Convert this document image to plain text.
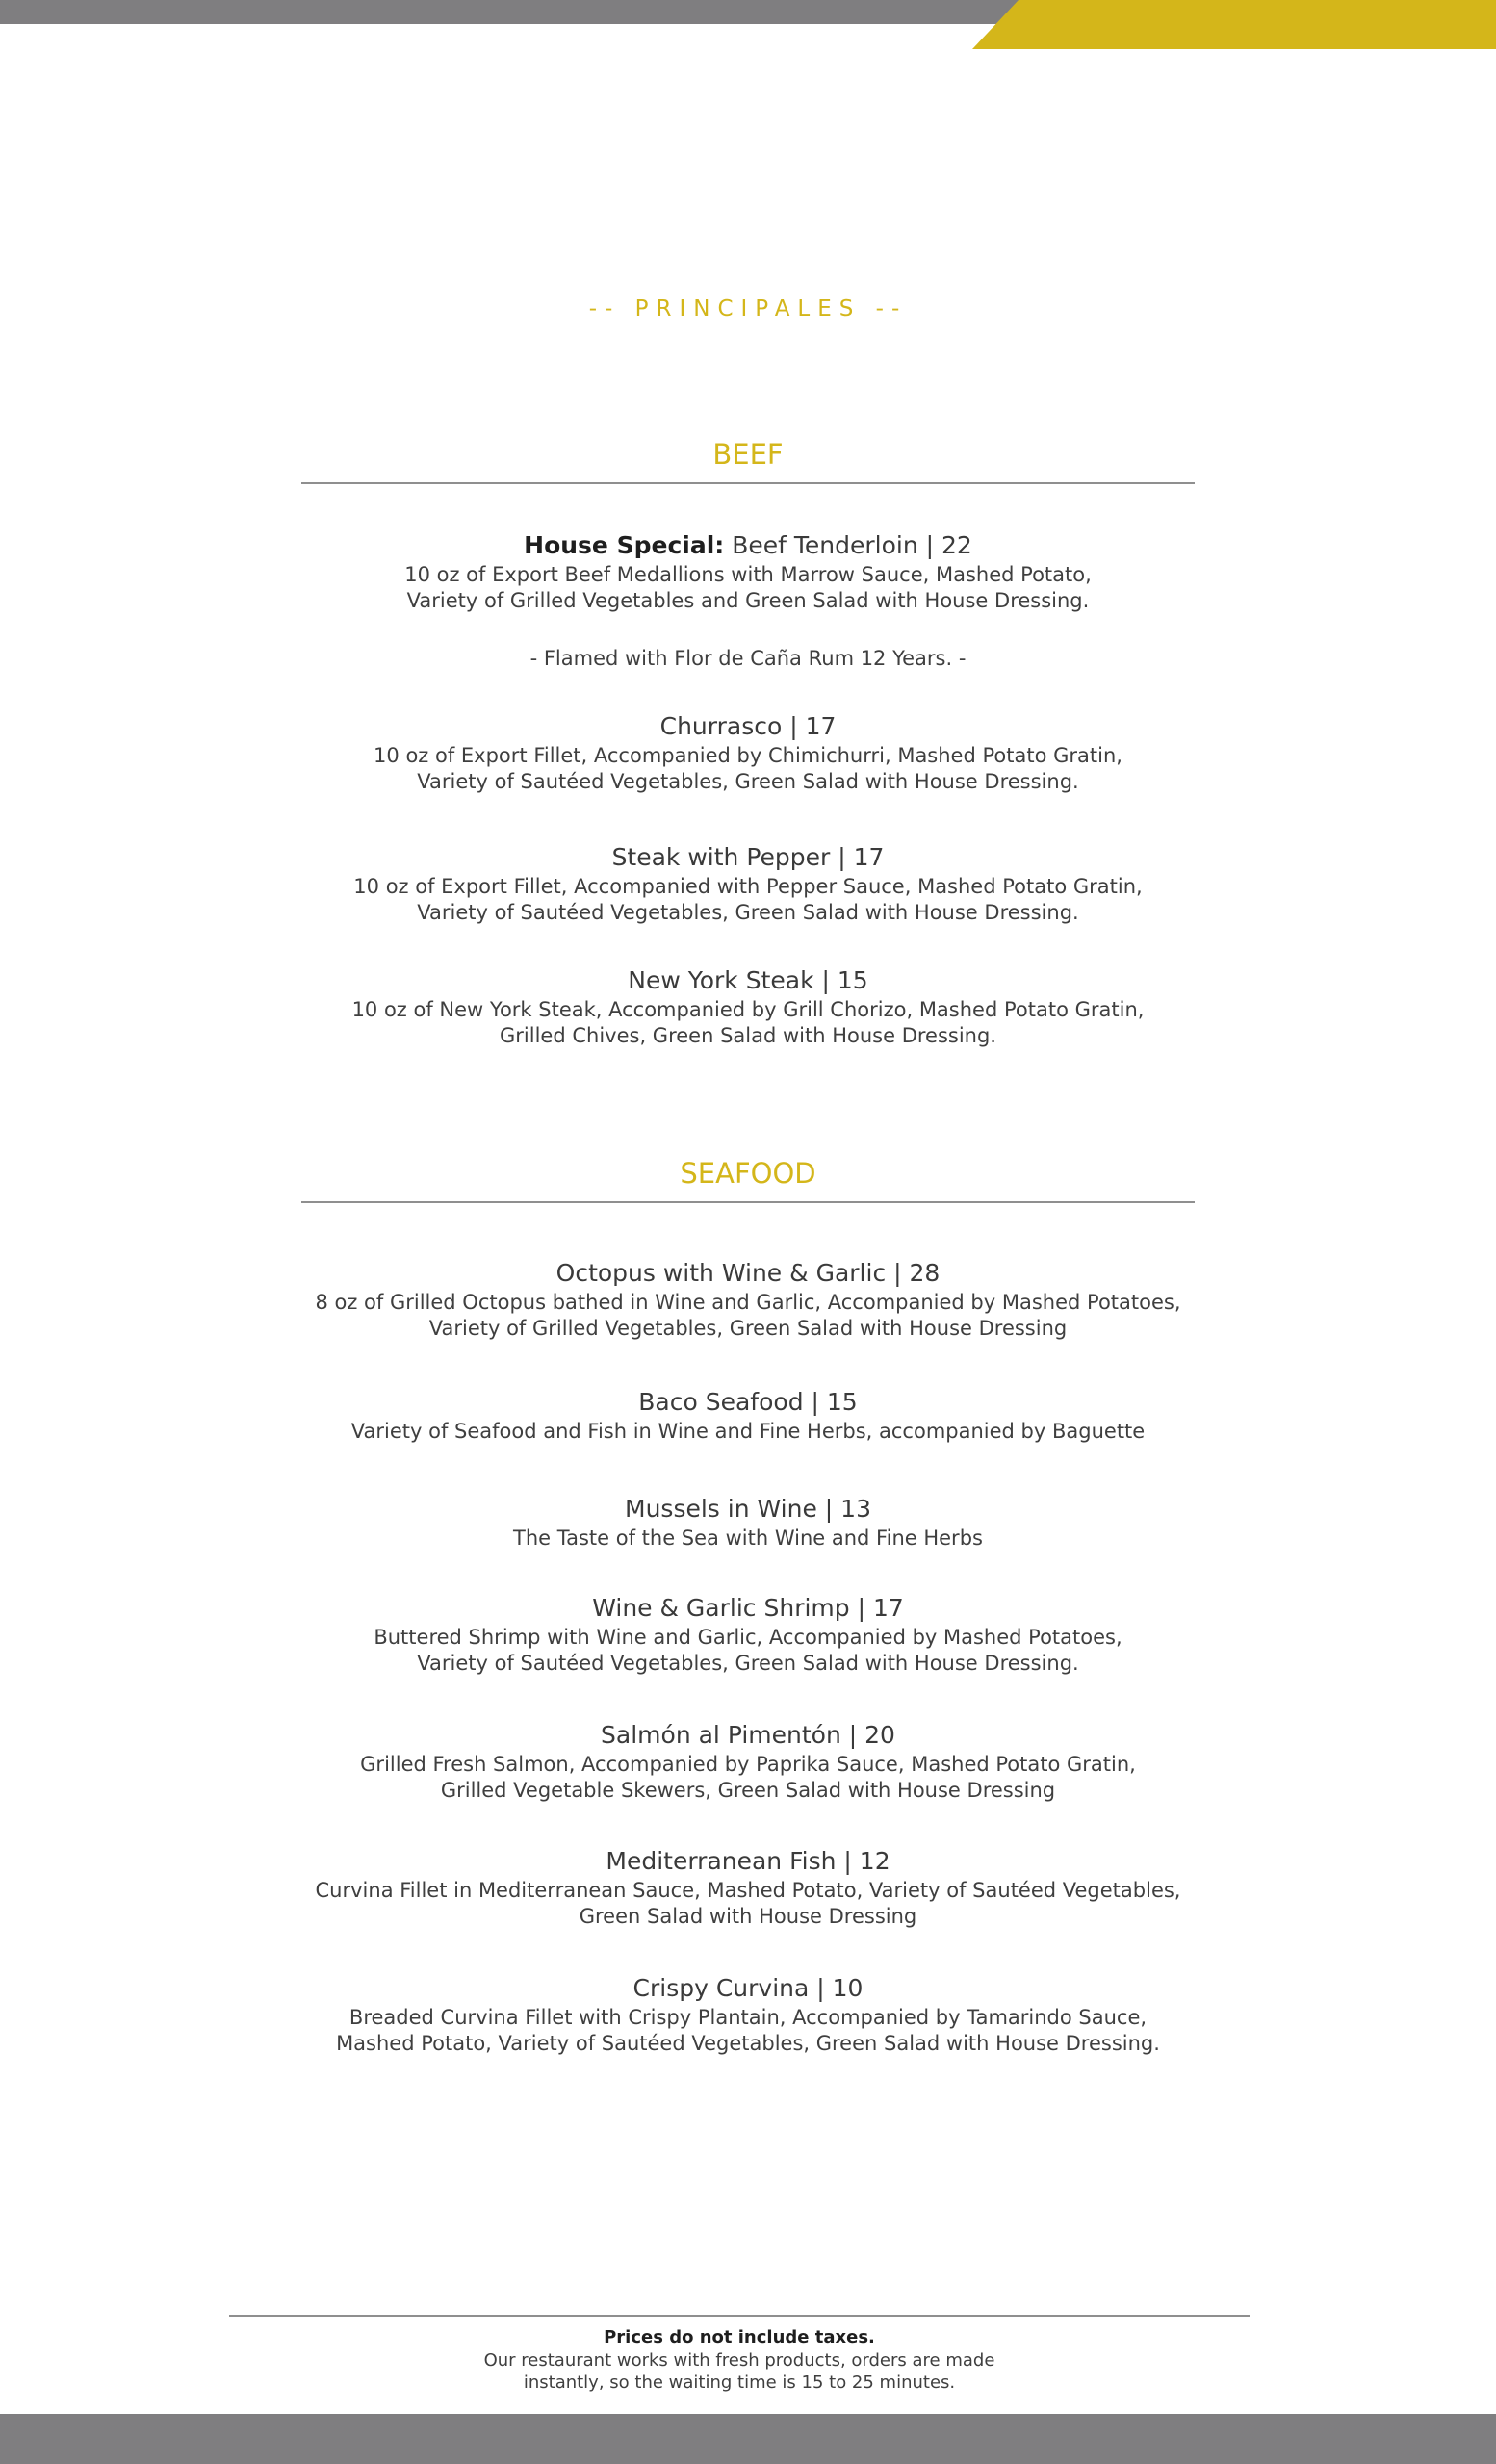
-- PRINCIPALES --
BEEF
House Special: Beef Tenderloin | 22
10 oz of Export Beef Medallions with Marrow Sauce, Mashed Potato,
Variety of Grilled Vegetables and Green Salad with House Dressing.
- Flamed with Flor de Caña Rum 12 Years. -
Churrasco | 17
10 oz of Export Fillet, Accompanied by Chimichurri, Mashed Potato Gratin,
Variety of Sautéed Vegetables, Green Salad with House Dressing.
Steak with Pepper | 17
10 oz of Export Fillet, Accompanied with Pepper Sauce, Mashed Potato Gratin,
Variety of Sautéed Vegetables, Green Salad with House Dressing.
New York Steak | 15
10 oz of New York Steak, Accompanied by Grill Chorizo, Mashed Potato Gratin,
Grilled Chives, Green Salad with House Dressing.
SEAFOOD
Octopus with Wine & Garlic | 28
8 oz of Grilled Octopus bathed in Wine and Garlic, Accompanied by Mashed Potatoes,
Variety of Grilled Vegetables, Green Salad with House Dressing
Baco Seafood | 15
Variety of Seafood and Fish in Wine and Fine Herbs, accompanied by Baguette
Mussels in Wine | 13
The Taste of the Sea with Wine and Fine Herbs
Wine & Garlic Shrimp | 17
Buttered Shrimp with Wine and Garlic, Accompanied by Mashed Potatoes,
Variety of Sautéed Vegetables, Green Salad with House Dressing.
Salmón al Pimentón | 20
Grilled Fresh Salmon, Accompanied by Paprika Sauce, Mashed Potato Gratin,
Grilled Vegetable Skewers, Green Salad with House Dressing
Mediterranean Fish | 12
Curvina Fillet in Mediterranean Sauce, Mashed Potato, Variety of Sautéed Vegetables,
Green Salad with House Dressing
Crispy Curvina | 10
Breaded Curvina Fillet with Crispy Plantain, Accompanied by Tamarindo Sauce,
Mashed Potato, Variety of Sautéed Vegetables, Green Salad with House Dressing.
Prices do not include taxes.
Our restaurant works with fresh products, orders are made
instantly, so the waiting time is 15 to 25 minutes.
